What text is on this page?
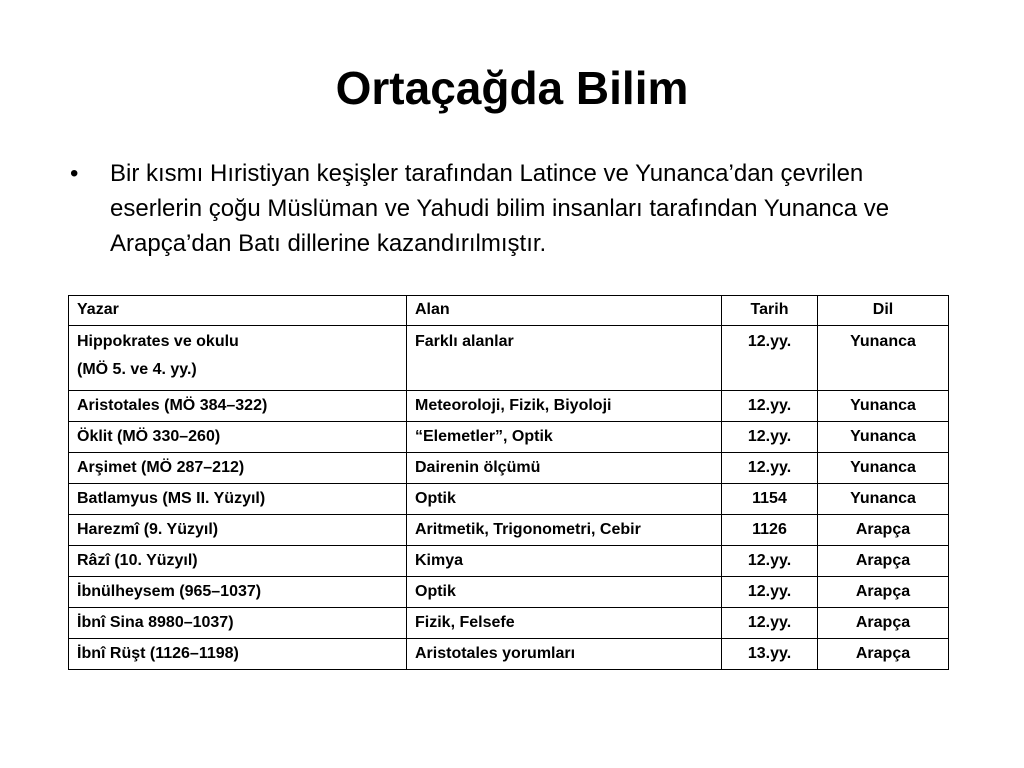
Ortaçağda Bilim
•	Bir kısmı Hıristiyan keşişler tarafından Latince ve Yunanca’dan çevrilen eserlerin çoğu Müslüman ve Yahudi bilim insanları tarafından Yunanca ve Arapça’dan Batı dillerine kazandırılmıştır.
Yazar	Alan	Tarih	Dil

Hippokrates ve okulu
(MÖ 5. ve 4. yy.)	Farklı alanlar	12.yy.	Yunanca

Aristotales (MÖ 384–322)	Meteoroloji, Fizik, Biyoloji	12.yy.	Yunanca
Öklit (MÖ 330–260)	“Elemetler”, Optik	12.yy.	Yunanca
Arşimet (MÖ 287–212)	Dairenin ölçümü	12.yy.	Yunanca
Batlamyus (MS II. Yüzyıl)	Optik	1154	Yunanca
Harezmî (9. Yüzyıl)	Aritmetik, Trigonometri, Cebir	1126	Arapça
Râzî (10. Yüzyıl)	Kimya	12.yy.	Arapça
İbnülheysem (965–1037)	Optik	12.yy.	Arapça
İbnî Sina 8980–1037)	Fizik, Felsefe	12.yy.	Arapça
İbnî Rüşt (1126–1198)	Aristotales yorumları	13.yy.	Arapça
